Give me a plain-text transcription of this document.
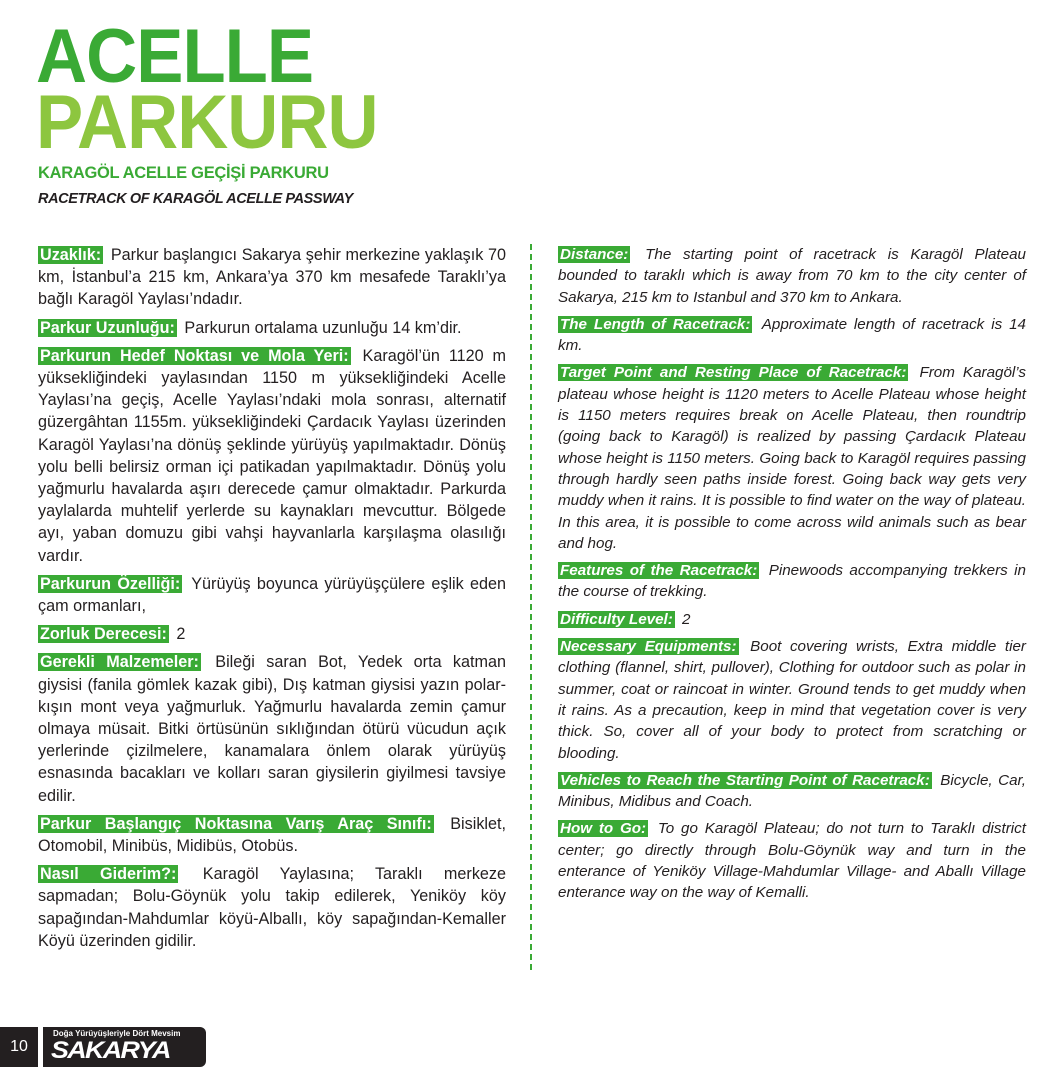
ACELLE
PARKURU
KARAGÖL ACELLE GEÇİŞİ PARKURU
RACETRACK OF KARAGÖL ACELLE PASSWAY

Uzaklık: Parkur başlangıcı Sakarya şehir merkezine yaklaşık 70 km, İstanbul’a 215 km, Ankara’ya 370 km mesafede Taraklı’ya bağlı Karagöl Yaylası’ndadır.

Parkur Uzunluğu: Parkurun ortalama uzunluğu 14 km’dir.

Parkurun Hedef Noktası ve Mola Yeri: Karagöl’ün 1120 m yüksekliğindeki yaylasından 1150 m yüksekliğindeki Acelle Yaylası’na geçiş, Acelle Yaylası’ndaki mola sonrası, alternatif güzergâhtan 1155m. yüksekliğindeki Çardacık Yaylası üzerinden Karagöl Yaylası’na dönüş şeklinde yürüyüş yapılmaktadır. Dönüş yolu belli belirsiz orman içi patikadan yapılmaktadır. Dönüş yolu yağmurlu havalarda aşırı derecede çamur olmaktadır. Parkurda yaylalarda muhtelif yerlerde su kaynakları mevcuttur. Bölgede ayı, yaban domuzu gibi vahşi hayvanlarla karşılaşma olasılığı vardır.

Parkurun Özelliği: Yürüyüş boyunca yürüyüşçülere eşlik eden çam ormanları,

Zorluk Derecesi: 2

Gerekli Malzemeler: Bileği saran Bot, Yedek orta katman giysisi (fanila gömlek kazak gibi), Dış katman giysisi yazın polar-kışın mont veya yağmurluk. Yağmurlu havalarda zemin çamur olmaya müsait. Bitki örtüsünün sıklığından ötürü vücudun açık yerlerinde çizilmelere, kanamalara önlem olarak yürüyüş esnasında bacakları ve kolları saran giysilerin giyilmesi tavsiye edilir.

Parkur Başlangıç Noktasına Varış Araç Sınıfı: Bisiklet, Otomobil, Minibüs, Midibüs, Otobüs.

Nasıl Giderim?: Karagöl Yaylasına; Taraklı merkeze sapmadan; Bolu-Göynük yolu takip edilerek, Yeniköy köy sapağından-Mahdumlar köyü-Alballı, köy sapağından-Kemaller Köyü üzerinden gidilir.

Distance: The starting point of racetrack is Karagöl Plateau bounded to taraklı which is away from 70 km to the city center of Sakarya, 215 km to Istanbul and 370 km to Ankara.

The Length of Racetrack: Approximate length of racetrack is 14 km.

Target Point and Resting Place of Racetrack: From Karagöl’s plateau whose height is 1120 meters to Acelle Plateau whose height is 1150 meters requires break on Acelle Plateau, then roundtrip (going back to Karagöl) is realized by passing Çardacık Plateau whose height is 1150 meters. Going back to Karagöl requires passing through hardly seen paths inside forest. Going back way gets very muddy when it rains. It is possible to find water on the way of plateau. In this area, it is possible to come across wild animals such as bear and hog.

Features of the Racetrack: Pinewoods accompanying trekkers in the course of trekking.

Difficulty Level: 2

Necessary Equipments: Boot covering wrists, Extra middle tier clothing (flannel, shirt, pullover), Clothing for outdoor such as polar in summer, coat or raincoat in winter. Ground tends to get muddy when it rains. As a precaution, keep in mind that vegetation cover is very thick. So, cover all of your body to protect from scratching or blooding.

Vehicles to Reach the Starting Point of Racetrack: Bicycle, Car, Minibus, Midibus and Coach.

How to Go: To go Karagöl Plateau; do not turn to Taraklı district center; go directly through Bolu-Göynük way and turn in the enterance of Yeniköy Village-Mahdumlar Village- and Aballı Village enterance way on the way of Kemalli.

10
Doğa Yürüyüşleriyle Dört Mevsim
SAKARYA
